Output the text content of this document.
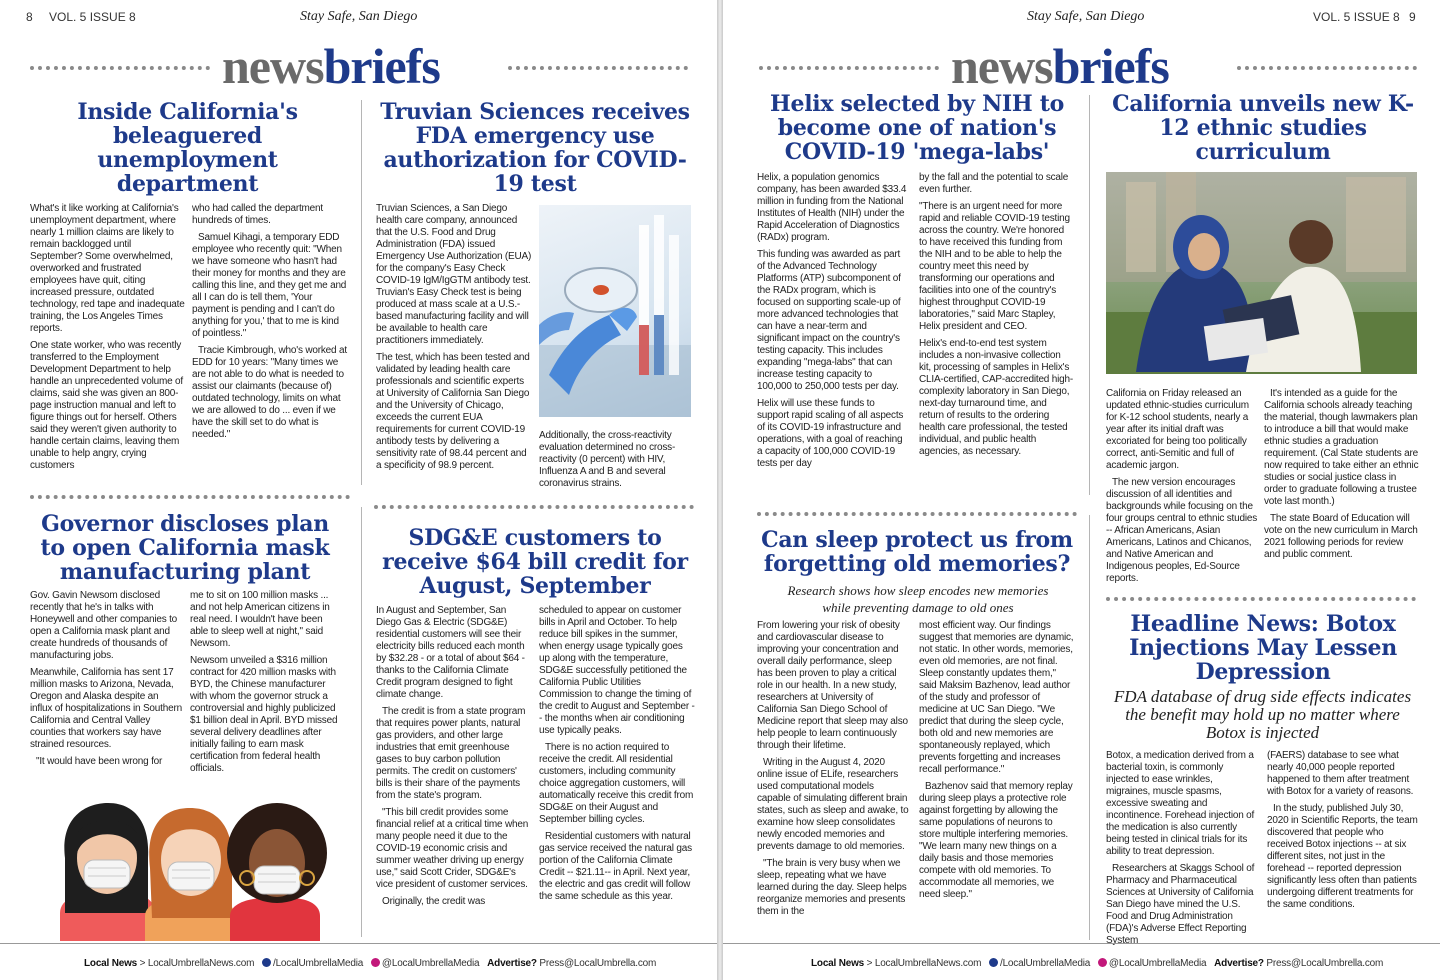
8 VOL. 5 ISSUE 8	Stay Safe, San Diego
newsbriefs
Inside California's beleaguered unemployment department

What's it like working at California's unemployment department, where nearly 1 million claims are likely to remain backlogged until September? Some overwhelmed, overworked and frustrated employees have quit, citing increased pressure, outdated technology, red tape and inadequate training, the Los Angeles Times reports.

One state worker, who was recently transferred to the Employment Development Department to help handle an unprecedented volume of claims, said she was given an 800-page instruction manual and left to figure things out for herself. Others said they weren't given authority to handle certain claims, leaving them unable to help angry, crying customers

who had called the department hundreds of times.

Samuel Kihagi, a temporary EDD employee who recently quit: "When we have someone who hasn't had their money for months and they are calling this line, and they get me and all I can do is tell them, 'Your payment is pending and I can't do anything for you,' that to me is kind of pointless."

Tracie Kimbrough, who's worked at EDD for 10 years: "Many times we are not able to do what is needed to assist our claimants (because of) outdated technology, limits on what we are allowed to do ... even if we have the skill set to do what is needed."

Truvian Sciences receives FDA emergency use authorization for COVID-19 test

Truvian Sciences, a San Diego health care company, announced that the U.S. Food and Drug Administration (FDA) issued Emergency Use Authorization (EUA) for the company's Easy Check COVID-19 IgM/IgGTM antibody test. Truvian's Easy Check test is being produced at mass scale at a U.S.-based manufacturing facility and will be available to health care practitioners immediately.

The test, which has been tested and validated by leading health care professionals and scientific experts at University of California San Diego and the University of Chicago, exceeds the current EUA requirements for current COVID-19 antibody tests by delivering a sensitivity rate of 98.44 percent and a specificity of 98.9 percent.

Additionally, the cross-reactivity evaluation determined no cross-reactivity (0 percent) with HIV, Influenza A and B and several coronavirus strains.

Governor discloses plan to open California mask manufacturing plant

Gov. Gavin Newsom disclosed recently that he's in talks with Honeywell and other companies to open a California mask plant and create hundreds of thousands of manufacturing jobs.

Meanwhile, California has sent 17 million masks to Arizona, Nevada, Oregon and Alaska despite an influx of hospitalizations in Southern California and Central Valley counties that workers say have strained resources.

"It would have been wrong for

me to sit on 100 million masks ... and not help American citizens in real need. I wouldn't have been able to sleep well at night," said Newsom.

Newsom unveiled a $316 million contract for 420 million masks with BYD, the Chinese manufacturer with whom the governor struck a controversial and highly publicized $1 billion deal in April. BYD missed several delivery deadlines after initially failing to earn mask certification from federal health officials.

SDG&E customers to receive $64 bill credit for August, September

In August and September, San Diego Gas & Electric (SDG&E) residential customers will see their electricity bills reduced each month by $32.28 - or a total of about $64 - thanks to the California Climate Credit program designed to fight climate change.

The credit is from a state program that requires power plants, natural gas providers, and other large industries that emit greenhouse gases to buy carbon pollution permits. The credit on customers' bills is their share of the payments from the state's program.

"This bill credit provides some financial relief at a critical time when many people need it due to the COVID-19 economic crisis and summer weather driving up energy use," said Scott Crider, SDG&E's vice president of customer services.

Originally, the credit was

scheduled to appear on customer bills in April and October. To help reduce bill spikes in the summer, when energy usage typically goes up along with the temperature, SDG&E successfully petitioned the California Public Utilities Commission to change the timing of the credit to August and September -- the months when air conditioning use typically peaks.

There is no action required to receive the credit. All residential customers, including community choice aggregation customers, will automatically receive this credit from SDG&E on their August and September billing cycles.

Residential customers with natural gas service received the natural gas portion of the California Climate Credit -- $21.11-- in April. Next year, the electric and gas credit will follow the same schedule as this year.

Local News > LocalUmbrellaNews.com /LocalUmbrellaMedia @LocalUmbrellaMedia Advertise? Press@LocalUmbrella.com
Stay Safe, San Diego	VOL. 5 ISSUE 8 9
newsbriefs
Helix selected by NIH to become one of nation's COVID-19 'mega-labs'

Helix, a population genomics company, has been awarded $33.4 million in funding from the National Institutes of Health (NIH) under the Rapid Acceleration of Diagnostics (RADx) program.

This funding was awarded as part of the Advanced Technology Platforms (ATP) subcomponent of the RADx program, which is focused on supporting scale-up of more advanced technologies that can have a near-term and significant impact on the country's testing capacity. This includes expanding "mega-labs" that can increase testing capacity to 100,000 to 250,000 tests per day.

Helix will use these funds to support rapid scaling of all aspects of its COVID-19 infrastructure and operations, with a goal of reaching a capacity of 100,000 COVID-19 tests per day

by the fall and the potential to scale even further.

"There is an urgent need for more rapid and reliable COVID-19 testing across the country. We're honored to have received this funding from the NIH and to be able to help the country meet this need by transforming our operations and facilities into one of the country's highest throughput COVID-19 laboratories," said Marc Stapley, Helix president and CEO.

Helix's end-to-end test system includes a non-invasive collection kit, processing of samples in Helix's CLIA-certified, CAP-accredited high-complexity laboratory in San Diego, next-day turnaround time, and return of results to the ordering health care professional, the tested individual, and public health agencies, as necessary.

California unveils new K-12 ethnic studies curriculum

California on Friday released an updated ethnic-studies curriculum for K-12 school students, nearly a year after its initial draft was excoriated for being too politically correct, anti-Semitic and full of academic jargon.

The new version encourages discussion of all identities and backgrounds while focusing on the four groups central to ethnic studies -- African Americans, Asian Americans, Latinos and Chicanos, and Native American and Indigenous peoples, Ed-Source reports.

It's intended as a guide for the California schools already teaching the material, though lawmakers plan to introduce a bill that would make ethnic studies a graduation requirement. (Cal State students are now required to take either an ethnic studies or social justice class in order to graduate following a trustee vote last month.)

The state Board of Education will vote on the new curriculum in March 2021 following periods for review and public comment.

Can sleep protect us from forgetting old memories?
Research shows how sleep encodes new memories while preventing damage to old ones

From lowering your risk of obesity and cardiovascular disease to improving your concentration and overall daily performance, sleep has been proven to play a critical role in our health. In a new study, researchers at University of California San Diego School of Medicine report that sleep may also help people to learn continuously through their lifetime.

Writing in the August 4, 2020 online issue of ELife, researchers used computational models capable of simulating different brain states, such as sleep and awake, to examine how sleep consolidates newly encoded memories and prevents damage to old memories.

"The brain is very busy when we sleep, repeating what we have learned during the day. Sleep helps reorganize memories and presents them in the

most efficient way. Our findings suggest that memories are dynamic, not static. In other words, memories, even old memories, are not final. Sleep constantly updates them," said Maksim Bazhenov, lead author of the study and professor of medicine at UC San Diego. "We predict that during the sleep cycle, both old and new memories are spontaneously replayed, which prevents forgetting and increases recall performance."

Bazhenov said that memory replay during sleep plays a protective role against forgetting by allowing the same populations of neurons to store multiple interfering memories. "We learn many new things on a daily basis and those memories compete with old memories. To accommodate all memories, we need sleep."

Headline News: Botox Injections May Lessen Depression
FDA database of drug side effects indicates the benefit may hold up no matter where Botox is injected

Botox, a medication derived from a bacterial toxin, is commonly injected to ease wrinkles, migraines, muscle spasms, excessive sweating and incontinence. Forehead injection of the medication is also currently being tested in clinical trials for its ability to treat depression.

Researchers at Skaggs School of Pharmacy and Pharmaceutical Sciences at University of California San Diego have mined the U.S. Food and Drug Administration (FDA)'s Adverse Effect Reporting System

(FAERS) database to see what nearly 40,000 people reported happened to them after treatment with Botox for a variety of reasons.

In the study, published July 30, 2020 in Scientific Reports, the team discovered that people who received Botox injections -- at six different sites, not just in the forehead -- reported depression significantly less often than patients undergoing different treatments for the same conditions.

Local News > LocalUmbrellaNews.com /LocalUmbrellaMedia @LocalUmbrellaMedia Advertise? Press@LocalUmbrella.com
